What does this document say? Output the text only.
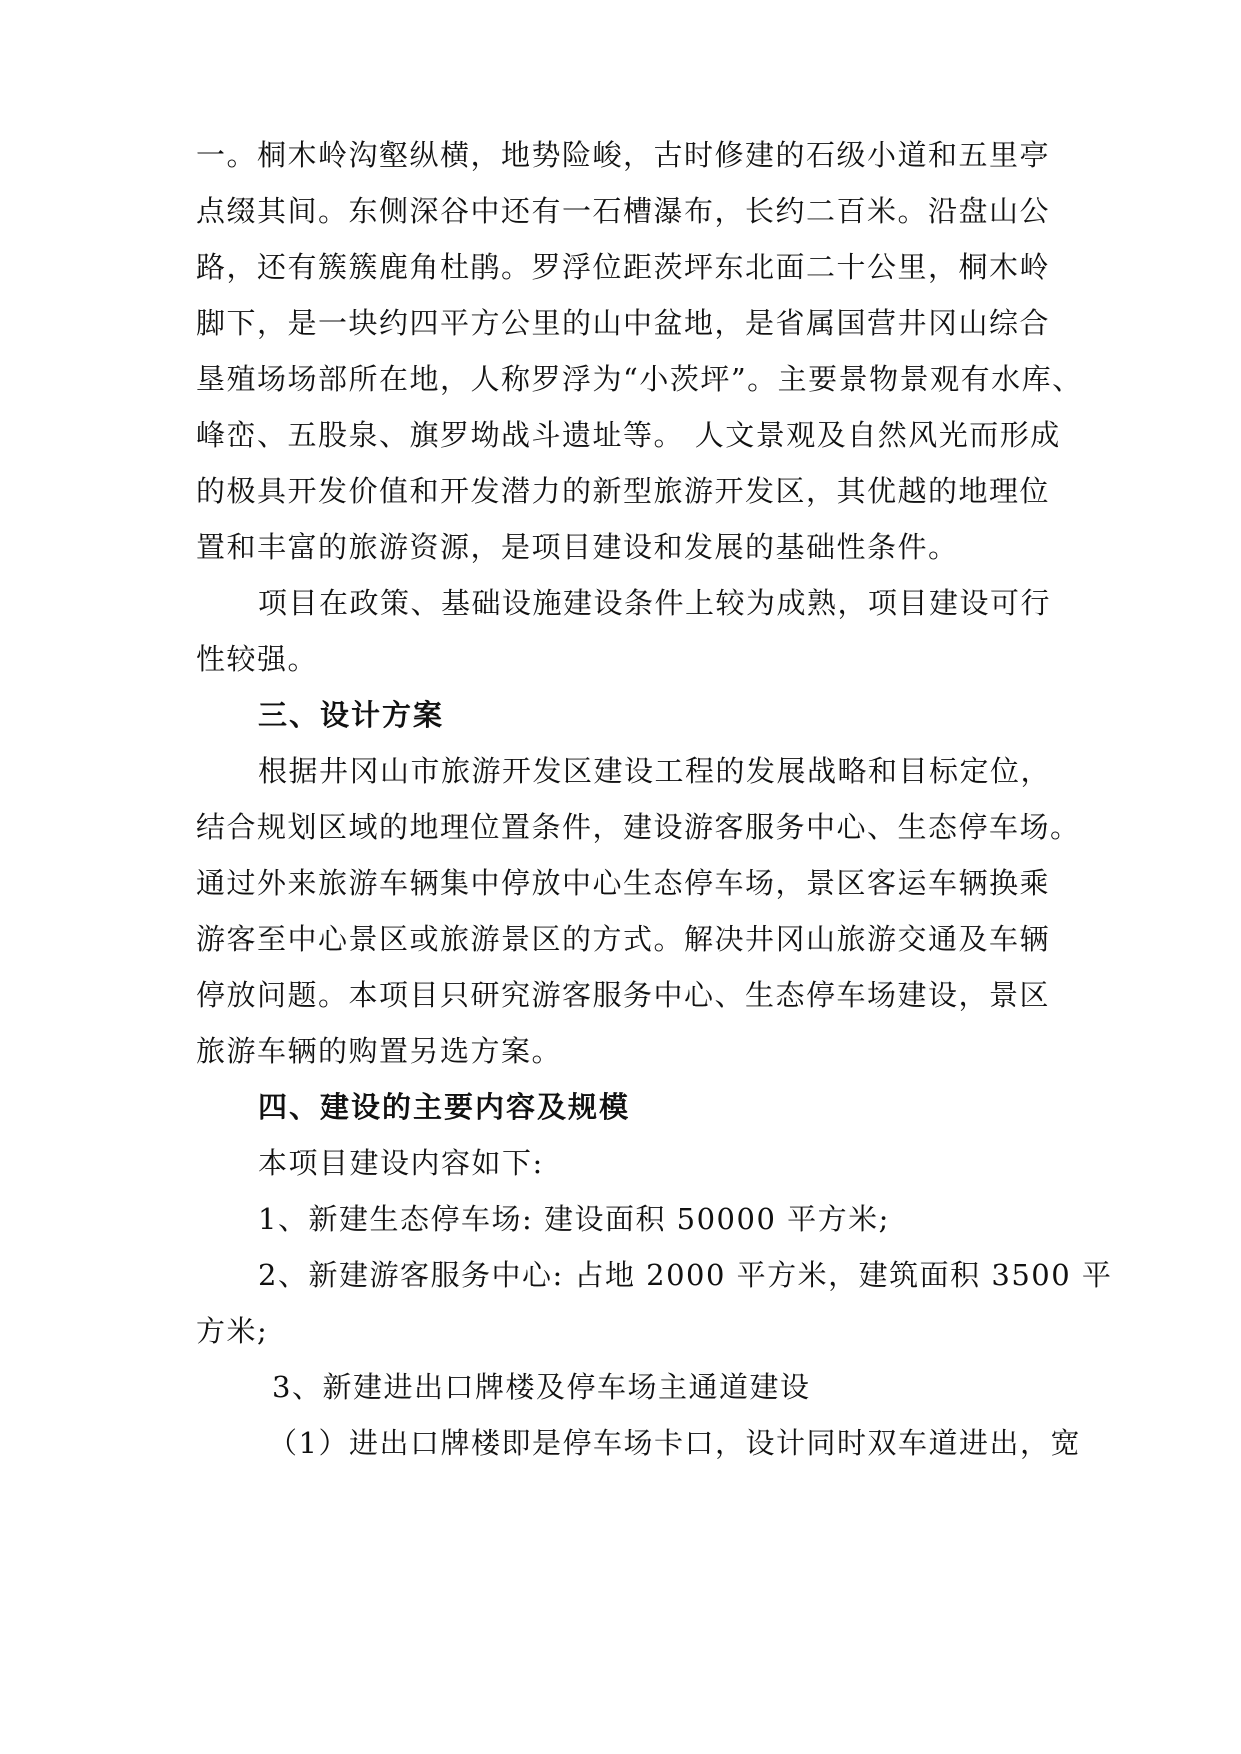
一。桐木岭沟壑纵横，地势险峻，古时修建的石级小道和五里亭
点缀其间。东侧深谷中还有一石槽瀑布，长约二百米。沿盘山公
路，还有簇簇鹿角杜鹃。罗浮位距茨坪东北面二十公里，桐木岭
脚下，是一块约四平方公里的山中盆地，是省属国营井冈山综合
垦殖场场部所在地，人称罗浮为“小茨坪”。主要景物景观有水库、
峰峦、五股泉、旗罗坳战斗遗址等。 人文景观及自然风光而形成
的极具开发价值和开发潜力的新型旅游开发区，其优越的地理位
置和丰富的旅游资源，是项目建设和发展的基础性条件。
项目在政策、基础设施建设条件上较为成熟，项目建设可行
性较强。
三、设计方案
根据井冈山市旅游开发区建设工程的发展战略和目标定位，
结合规划区域的地理位置条件，建设游客服务中心、生态停车场。
通过外来旅游车辆集中停放中心生态停车场，景区客运车辆换乘
游客至中心景区或旅游景区的方式。解决井冈山旅游交通及车辆
停放问题。本项目只研究游客服务中心、生态停车场建设，景区
旅游车辆的购置另选方案。
四、建设的主要内容及规模
本项目建设内容如下:
1、新建生态停车场: 建设面积 50000 平方米;
2、新建游客服务中心: 占地 2000 平方米，建筑面积 3500 平
方米;
3、新建进出口牌楼及停车场主通道建设
（1）进出口牌楼即是停车场卡口，设计同时双车道进出，宽
